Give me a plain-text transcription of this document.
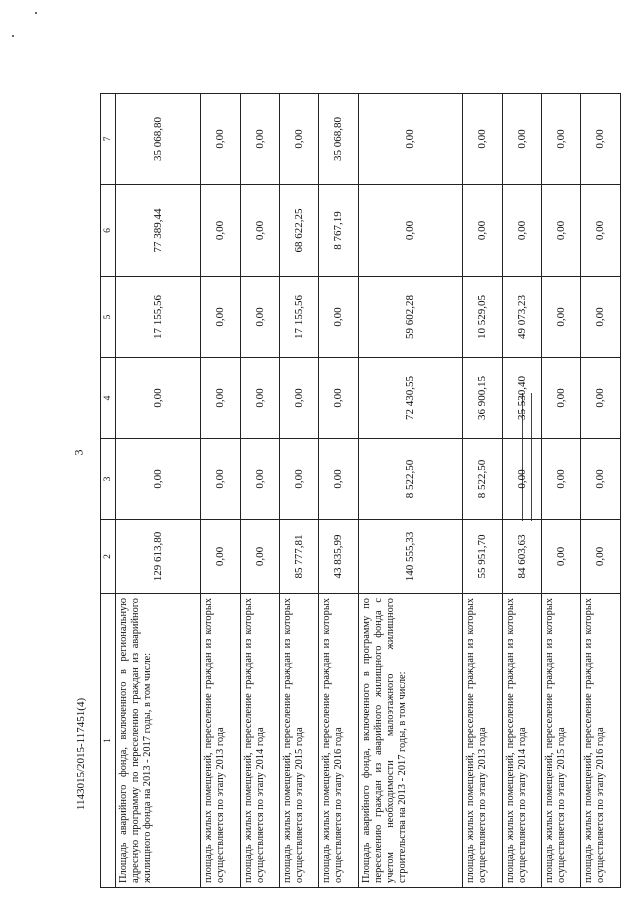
3
1143015/2015-117451(4) 1	2	3	4	5	6	7
Площадь аварийного фонда, включенного в региональную адресную программу по переселению граждан из аварийного жилищного фонда на 2013 - 2017 годы, в том числе:	129 613,80	0,00	0,00	17 155,56	77 389,44	35 068,80
площадь жилых помещений, переселение граждан из которых осуществляется по этапу 2013 года	0,00	0,00	0,00	0,00	0,00	0,00
площадь жилых помещений, переселение граждан из которых осуществляется по этапу 2014 года	0,00	0,00	0,00	0,00	0,00	0,00
площадь жилых помещений, переселение граждан из которых осуществляется по этапу 2015 года	85 777,81	0,00	0,00	17 155,56	68 622,25	0,00
площадь жилых помещений, переселение граждан из которых осуществляется по этапу 2016 года	43 835,99	0,00	0,00	0,00	8 767,19	35 068,80
Площадь аварийного фонда, включенного в программу по переселению граждан из аварийного жилищного фонда с учетом необходимости малоэтажного жилищного строительства на 2013 - 2017 годы, в том числе:	140 555,33	8 522,50	72 430,55	59 602,28	0,00	0,00
площадь жилых помещений, переселение граждан из которых осуществляется по этапу 2013 года	55 951,70	8 522,50	36 900,15	10 529,05	0,00	0,00
площадь жилых помещений, переселение граждан из которых осуществляется по этапу 2014 года	84 603,63	0,00	35 530,40	49 073,23	0,00	0,00
площадь жилых помещений, переселение граждан из которых осуществляется по этапу 2015 года	0,00	0,00	0,00	0,00	0,00	0,00
площадь жилых помещений, переселение граждан из которых осуществляется по этапу 2016 года	0,00	0,00	0,00	0,00	0,00	0,00
